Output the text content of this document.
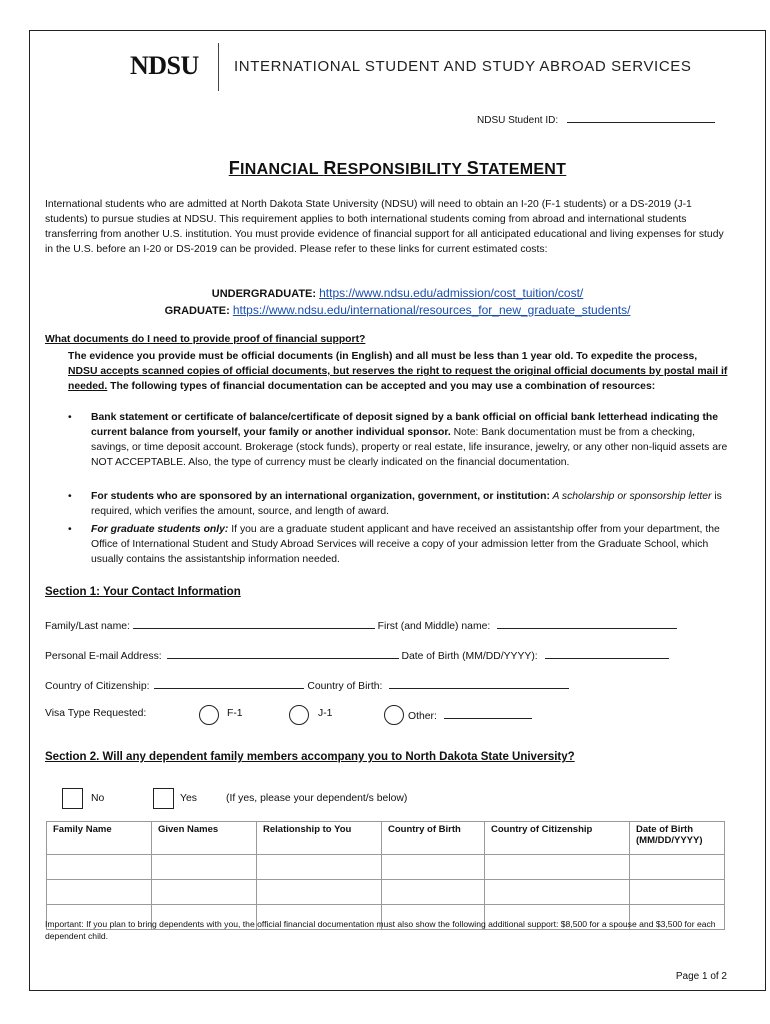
NDSU INTERNATIONAL STUDENT AND STUDY ABROAD SERVICES
NDSU Student ID:
FINANCIAL RESPONSIBILITY STATEMENT
International students who are admitted at North Dakota State University (NDSU) will need to obtain an I-20 (F-1 students) or a DS-2019 (J-1 students) to pursue studies at NDSU. This requirement applies to both international students coming from abroad and international students transferring from another U.S. institution. You must provide evidence of financial support for all anticipated educational and living expenses for study in the U.S. before an I-20 or DS-2019 can be provided. Please refer to these links for current estimated costs:
UNDERGRADUATE: https://www.ndsu.edu/admission/cost_tuition/cost/
GRADUATE: https://www.ndsu.edu/international/resources_for_new_graduate_students/
What documents do I need to provide proof of financial support?
The evidence you provide must be official documents (in English) and all must be less than 1 year old. To expedite the process, NDSU accepts scanned copies of official documents, but reserves the right to request the original official documents by postal mail if needed. The following types of financial documentation can be accepted and you may use a combination of resources:
• Bank statement or certificate of balance/certificate of deposit signed by a bank official on official bank letterhead indicating the current balance from yourself, your family or another individual sponsor. Note: Bank documentation must be from a checking, savings, or time deposit account. Brokerage (stock funds), property or real estate, life insurance, jewelry, or any other non-liquid assets are NOT ACCEPTABLE. Also, the type of currency must be clearly indicated on the financial documentation.
• For students who are sponsored by an international organization, government, or institution: A scholarship or sponsorship letter is required, which verifies the amount, source, and length of award.
• For graduate students only: If you are a graduate student applicant and have received an assistantship offer from your department, the Office of International Student and Study Abroad Services will receive a copy of your admission letter from the Graduate School, which usually contains the assistantship information needed.
Section 1: Your Contact Information
Family/Last name:	First (and Middle) name:
Personal E-mail Address:	Date of Birth (MM/DD/YYYY):
Country of Citizenship:	Country of Birth:
Visa Type Requested:	F-1	J-1	Other:
Section 2. Will any dependent family members accompany you to North Dakota State University?
No	Yes	(If yes, please your dependent/s below)
Family Name	Given Names	Relationship to You	Country of Birth	Country of Citizenship	Date of Birth (MM/DD/YYYY)

Important: If you plan to bring dependents with you, the official financial documentation must also show the following additional support: $8,500 for a spouse and $3,500 for each dependent child.
Page 1 of 2
